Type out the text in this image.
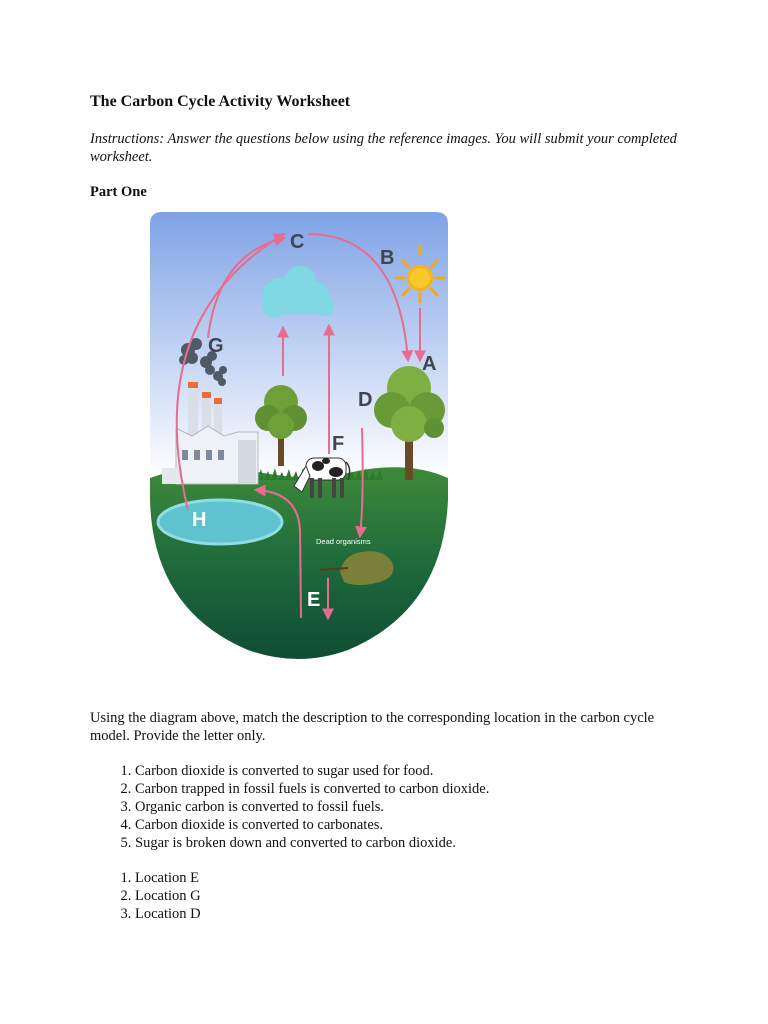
The Carbon Cycle Activity Worksheet

Instructions: Answer the questions below using the reference images. You will submit your completed worksheet.

Part One
C
B
A
G
D
F
H
E
Dead organisms

Using the diagram above, match the description to the corresponding location in the carbon cycle model. Provide the letter only.

1. Carbon dioxide is converted to sugar used for food.
2. Carbon trapped in fossil fuels is converted to carbon dioxide.
3. Organic carbon is converted to fossil fuels.
4. Carbon dioxide is converted to carbonates.
5. Sugar is broken down and converted to carbon dioxide.
1. Location E
2. Location G
3. Location D
